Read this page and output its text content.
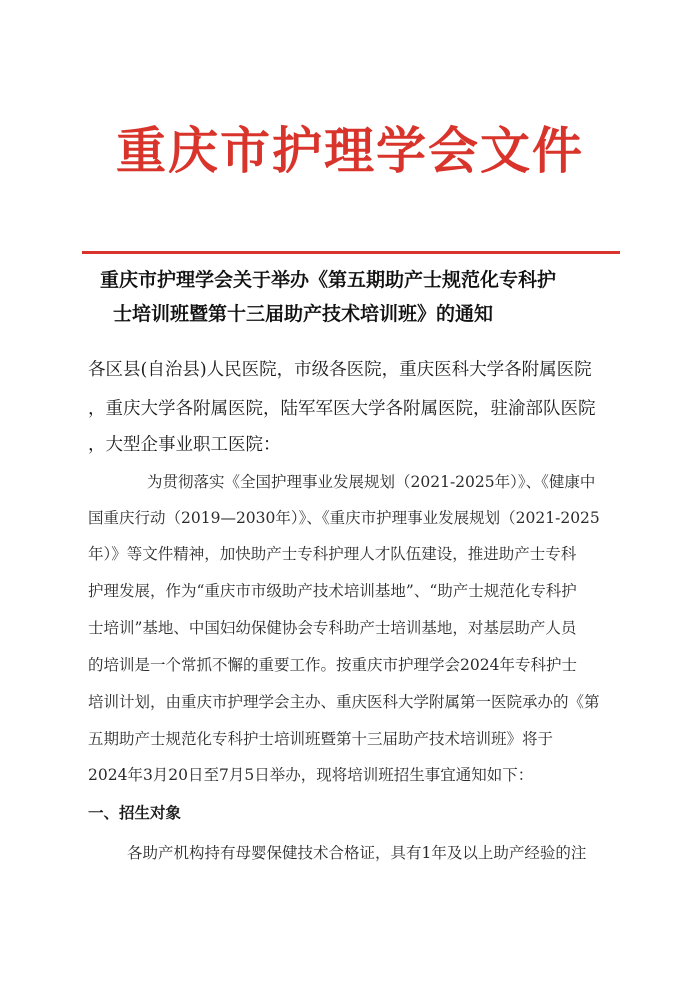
重庆市护理学会文件
重庆市护理学会关于举办《第五期助产士规范化专科护
士培训班暨第十三届助产技术培训班》的通知
各区县(自治县)人民医院，市级各医院，重庆医科大学各附属医院
，重庆大学各附属医院，陆军军医大学各附属医院，驻渝部队医院
，大型企事业职工医院：
为贯彻落实《全国护理事业发展规划（2021-2025年）》、《健康中
国重庆行动（2019—2030年）》、《重庆市护理事业发展规划（2021-2025
年）》等文件精神，加快助产士专科护理人才队伍建设，推进助产士专科
护理发展，作为“重庆市市级助产技术培训基地”、“助产士规范化专科护
士培训”基地、中国妇幼保健协会专科助产士培训基地，对基层助产人员
的培训是一个常抓不懈的重要工作。按重庆市护理学会2024年专科护士
培训计划，由重庆市护理学会主办、重庆医科大学附属第一医院承办的《第
五期助产士规范化专科护士培训班暨第十三届助产技术培训班》将于
2024年3月20日至7月5日举办，现将培训班招生事宜通知如下：
一、招生对象
各助产机构持有母婴保健技术合格证，具有1年及以上助产经验的注
